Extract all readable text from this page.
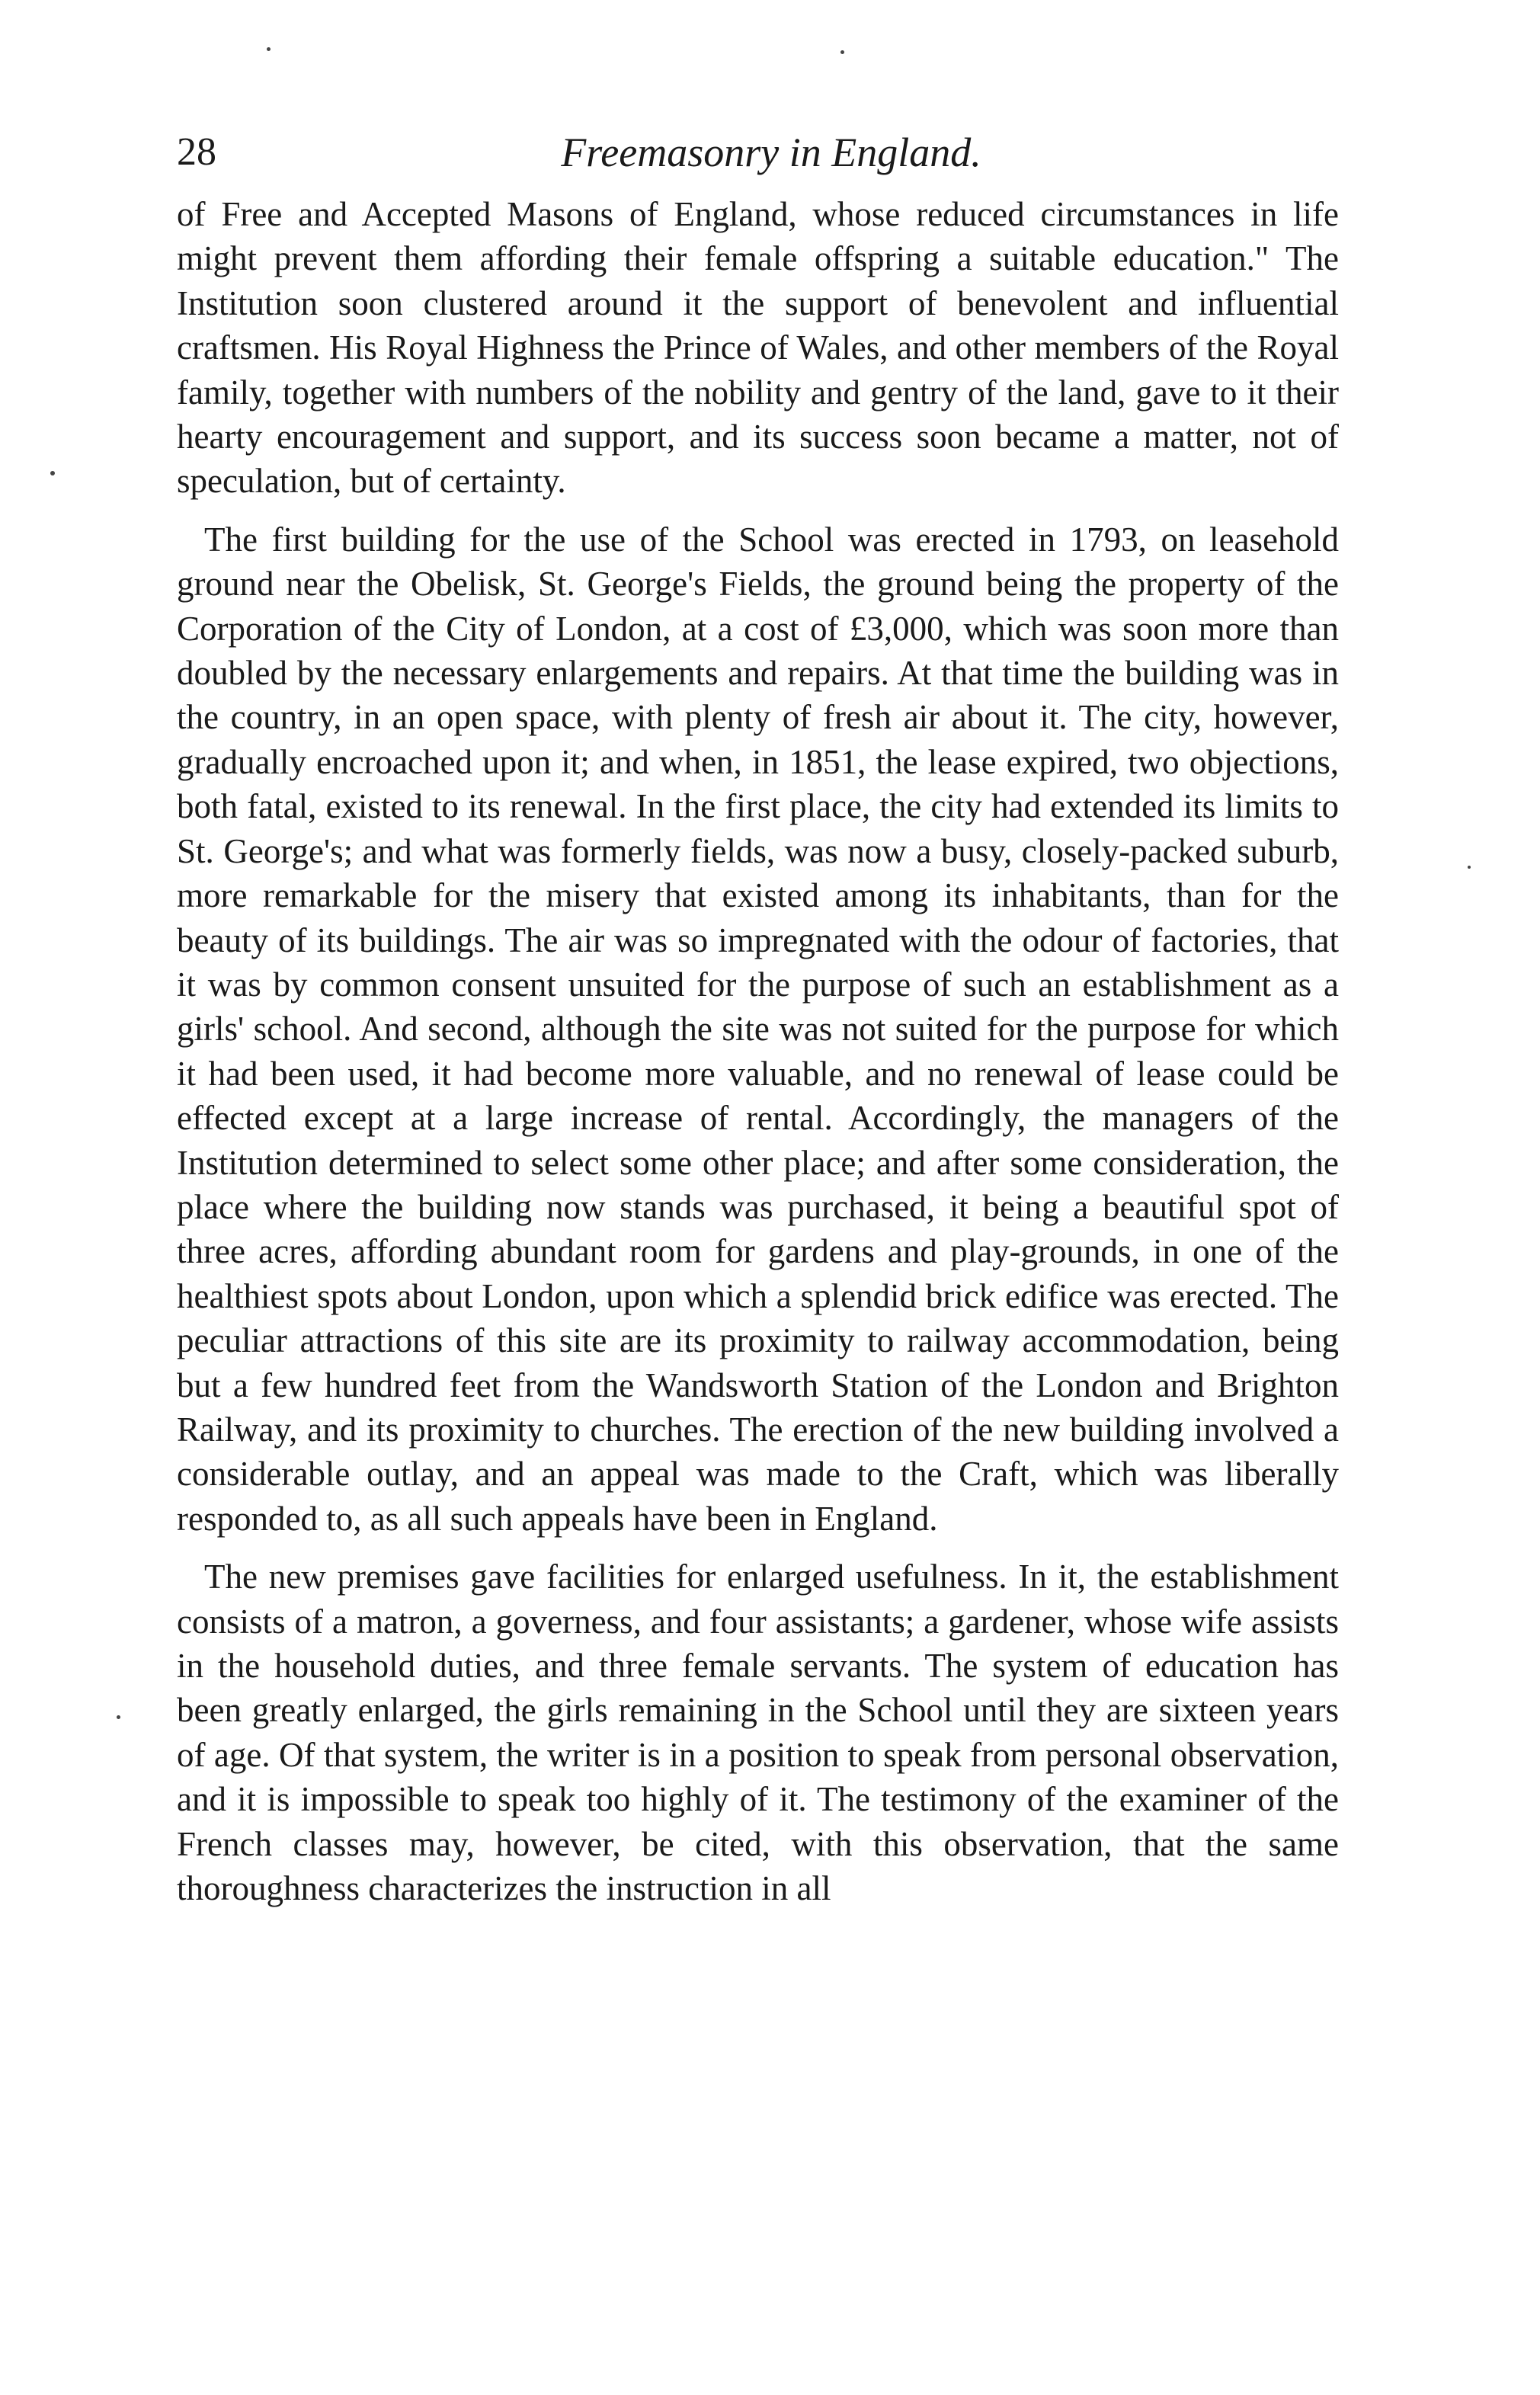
28	Freemasonry in England.

of Free and Accepted Masons of England, whose reduced circumstances in life might prevent them affording their female offspring a suitable education." The Institution soon clustered around it the support of benevolent and influential craftsmen. His Royal Highness the Prince of Wales, and other members of the Royal family, together with numbers of the nobility and gentry of the land, gave to it their hearty encouragement and support, and its success soon became a matter, not of speculation, but of certainty.

The first building for the use of the School was erected in 1793, on leasehold ground near the Obelisk, St. George's Fields, the ground being the property of the Corporation of the City of London, at a cost of £3,000, which was soon more than doubled by the necessary enlargements and repairs. At that time the building was in the country, in an open space, with plenty of fresh air about it. The city, however, gradually encroached upon it; and when, in 1851, the lease expired, two objections, both fatal, existed to its renewal. In the first place, the city had extended its limits to St. George's; and what was formerly fields, was now a busy, closely-packed suburb, more remarkable for the misery that existed among its inhabitants, than for the beauty of its buildings. The air was so impregnated with the odour of factories, that it was by common consent unsuited for the purpose of such an establishment as a girls' school. And second, although the site was not suited for the purpose for which it had been used, it had become more valuable, and no renewal of lease could be effected except at a large increase of rental. Accordingly, the managers of the Institution determined to select some other place; and after some consideration, the place where the building now stands was purchased, it being a beautiful spot of three acres, affording abundant room for gardens and play-grounds, in one of the healthiest spots about London, upon which a splendid brick edifice was erected. The peculiar attractions of this site are its proximity to railway accommodation, being but a few hundred feet from the Wandsworth Station of the London and Brighton Railway, and its proximity to churches. The erection of the new building involved a considerable outlay, and an appeal was made to the Craft, which was liberally responded to, as all such appeals have been in England.

The new premises gave facilities for enlarged usefulness. In it, the establishment consists of a matron, a governess, and four assistants; a gardener, whose wife assists in the household duties, and three female servants. The system of education has been greatly enlarged, the girls remaining in the School until they are sixteen years of age. Of that system, the writer is in a position to speak from personal observation, and it is impossible to speak too highly of it. The testimony of the examiner of the French classes may, however, be cited, with this observation, that the same thoroughness characterizes the instruction in all
